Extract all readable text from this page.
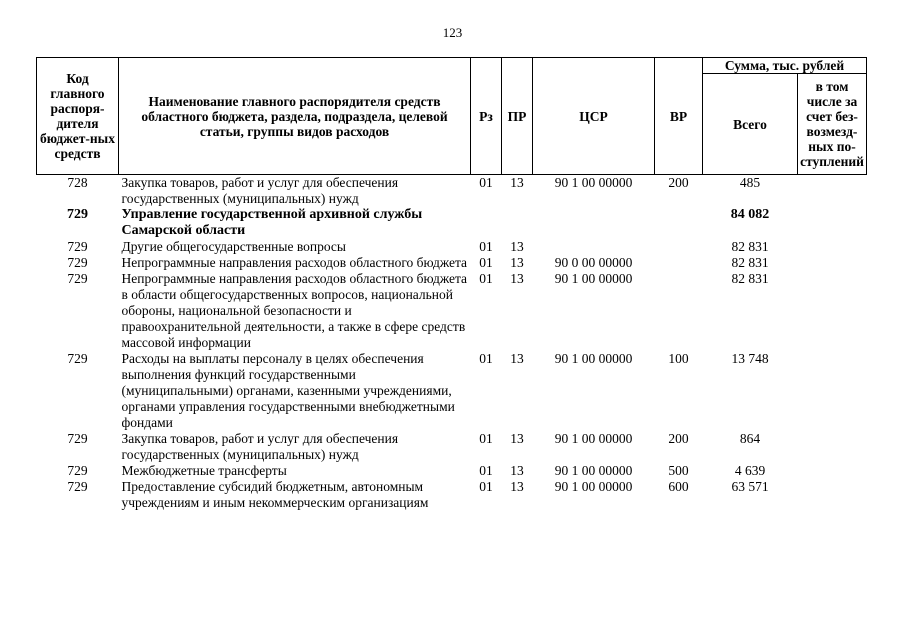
123
Код главного распоря-дителя бюджет-ных средств	Наименование главного распорядителя средств областного бюджета, раздела, подраздела, целевой статьи, группы видов расходов	Рз	ПР	ЦСР	ВР	Сумма, тыс. рублей	
						Всего	в том числе за счет без-возмезд-ных по-ступлений
728	Закупка товаров, работ и услуг для обеспечения государственных (муниципальных) нужд	01	13	90 1 00 00000	200	485	
729	Управление государственной архивной службы Самарской области					84 082	
729	Другие общегосударственные вопросы	01	13			82 831	
729	Непрограммные направления расходов областного бюджета	01	13	90 0 00 00000		82 831	
729	Непрограммные направления расходов областного бюджета в области общегосударственных вопросов, национальной обороны, национальной безопасности и правоохранительной деятельности, а также в сфере средств массовой информации	01	13	90 1 00 00000		82 831	
729	Расходы на выплаты персоналу в целях обеспечения выполнения функций государственными (муниципальными) органами, казенными учреждениями, органами управления государственными внебюджетными фондами	01	13	90 1 00 00000	100	13 748	
729	Закупка товаров, работ и услуг для обеспечения государственных (муниципальных) нужд	01	13	90 1 00 00000	200	864	
729	Межбюджетные трансферты	01	13	90 1 00 00000	500	4 639	
729	Предоставление субсидий бюджетным, автономным учреждениям и иным некоммерческим организациям	01	13	90 1 00 00000	600	63 571	
